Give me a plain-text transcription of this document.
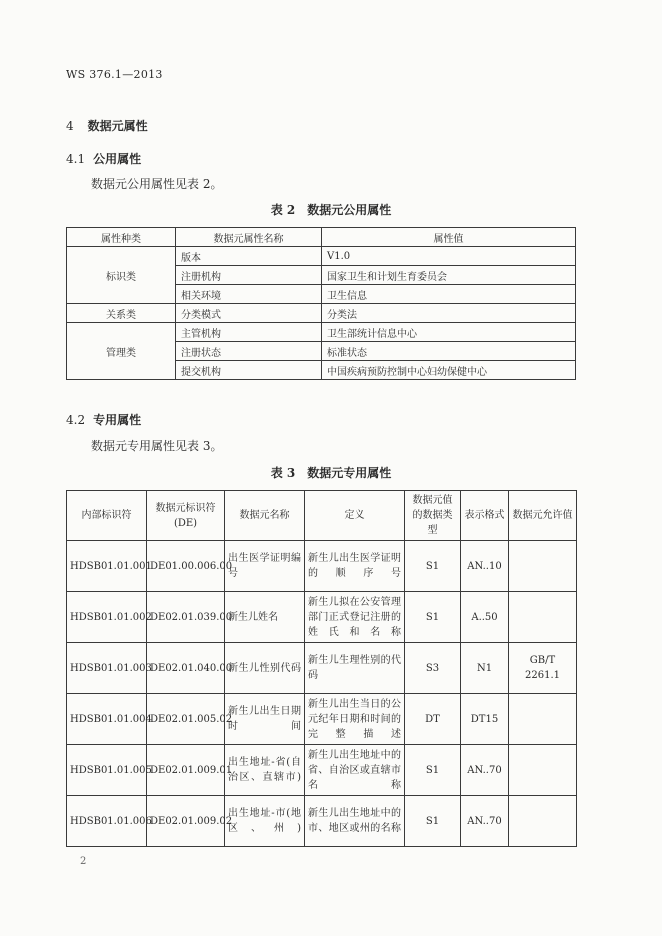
WS 376.1—2013
4 数据元属性
4.1 公用属性
数据元公用属性见表 2。
表 2　数据元公用属性
属性种类	数据元属性名称	属性值
标识类	版本	V1.0
	注册机构	国家卫生和计划生育委员会
	相关环境	卫生信息
关系类	分类模式	分类法
管理类	主管机构	卫生部统计信息中心
	注册状态	标准状态
	提交机构	中国疾病预防控制中心妇幼保健中心
4.2 专用属性
数据元专用属性见表 3。
表 3　数据元专用属性
内部标识符	数据元标识符(DE)	数据元名称	定义	数据元值的数据类型	表示格式	数据元允许值
HDSB01.01.001	DE01.00.006.00	出生医学证明编号	新生儿出生医学证明的顺序号	S1	AN..10	
HDSB01.01.002	DE02.01.039.00	新生儿姓名	新生儿拟在公安管理部门正式登记注册的姓氏和名称	S1	A..50	
HDSB01.01.003	DE02.01.040.00	新生儿性别代码	新生儿生理性别的代码	S3	N1	GB/T 2261.1
HDSB01.01.004	DE02.01.005.02	新生儿出生日期时间	新生儿出生当日的公元纪年日期和时间的完整描述	DT	DT15	
HDSB01.01.005	DE02.01.009.01	出生地址-省(自治区、直辖市)	新生儿出生地址中的省、自治区或直辖市名称	S1	AN..70	
HDSB01.01.006	DE02.01.009.02	出生地址-市(地区、州)	新生儿出生地址中的市、地区或州的名称	S1	AN..70	
2
